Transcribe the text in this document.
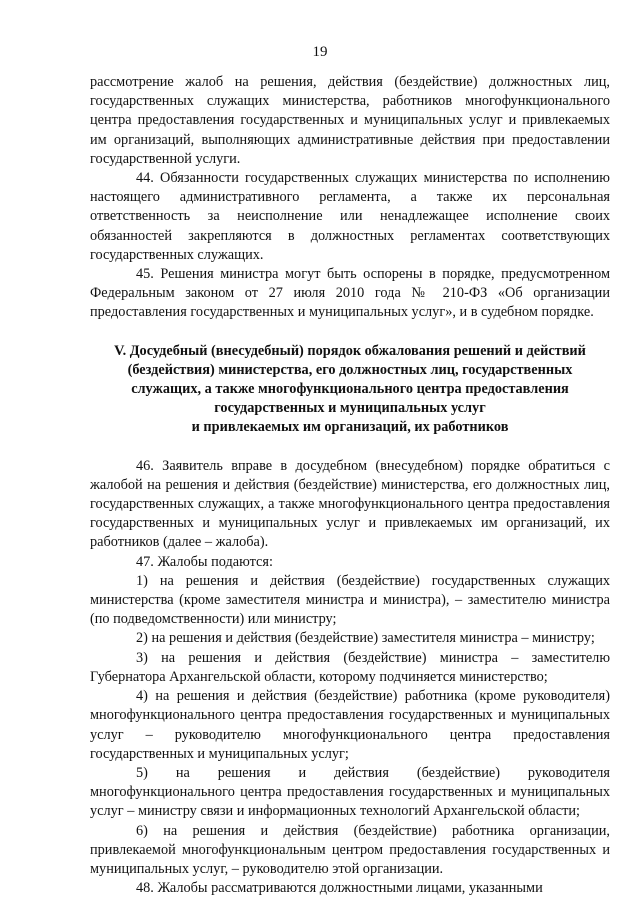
19

рассмотрение жалоб на решения, действия (бездействие) должностных лиц, государственных служащих министерства, работников многофункционального центра предоставления государственных и муниципальных услуг и привлекаемых им организаций, выполняющих административные действия при предоставлении государственной услуги.

44. Обязанности государственных служащих министерства по исполнению настоящего административного регламента, а также их персональная ответственность за неисполнение или ненадлежащее исполнение своих обязанностей закрепляются в должностных регламентах соответствующих государственных служащих.

45. Решения министра могут быть оспорены в порядке, предусмотренном Федеральным законом от 27 июля 2010 года № 210-ФЗ «Об организации предоставления государственных и муниципальных услуг», и в судебном порядке.

V. Досудебный (внесудебный) порядок обжалования решений и действий
(бездействия) министерства, его должностных лиц, государственных
служащих, а также многофункционального центра предоставления
государственных и муниципальных услуг
и привлекаемых им организаций, их работников

46. Заявитель вправе в досудебном (внесудебном) порядке обратиться с жалобой на решения и действия (бездействие) министерства, его должностных лиц, государственных служащих, а также многофункционального центра предоставления государственных и муниципальных услуг и привлекаемых им организаций, их работников (далее – жалоба).

47. Жалобы подаются:

1) на решения и действия (бездействие) государственных служащих министерства (кроме заместителя министра и министра), – заместителю министра (по подведомственности) или министру;

2) на решения и действия (бездействие) заместителя министра – министру;

3) на решения и действия (бездействие) министра – заместителю Губернатора Архангельской области, которому подчиняется министерство;

4) на решения и действия (бездействие) работника (кроме руководителя) многофункционального центра предоставления государственных и муниципальных услуг – руководителю многофункционального центра предоставления государственных и муниципальных услуг;

5) на решения и действия (бездействие) руководителя многофункционального центра предоставления государственных и муниципальных услуг – министру связи и информационных технологий Архангельской области;

6) на решения и действия (бездействие) работника организации, привлекаемой многофункциональным центром предоставления государственных и муниципальных услуг, – руководителю этой организации.

48. Жалобы рассматриваются должностными лицами, указанными
